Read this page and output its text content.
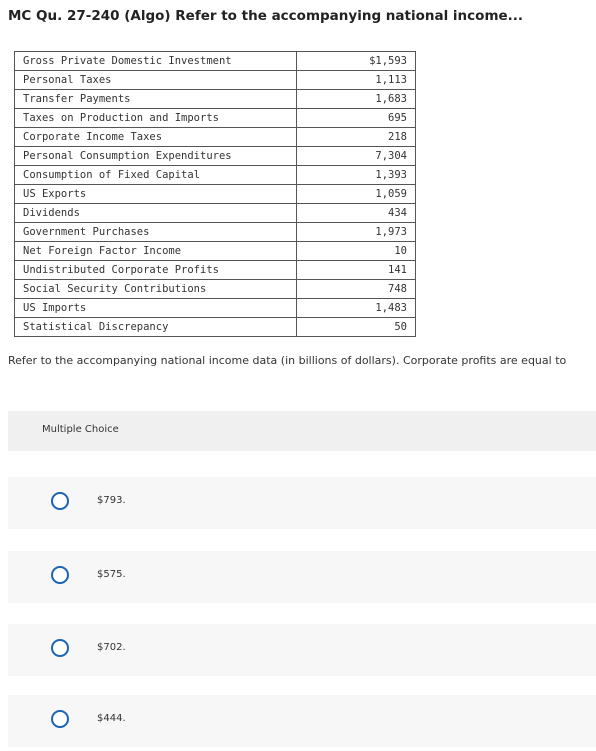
MC Qu. 27-240 (Algo) Refer to the accompanying national income...
Gross Private Domestic Investment	$1,593
Personal Taxes	1,113
Transfer Payments	1,683
Taxes on Production and Imports	695
Corporate Income Taxes	218
Personal Consumption Expenditures	7,304
Consumption of Fixed Capital	1,393
US Exports	1,059
Dividends	434
Government Purchases	1,973
Net Foreign Factor Income	10
Undistributed Corporate Profits	141
Social Security Contributions	748
US Imports	1,483
Statistical Discrepancy	50
Refer to the accompanying national income data (in billions of dollars). Corporate profits are equal to
Multiple Choice
$793.
$575.
$702.
$444.
